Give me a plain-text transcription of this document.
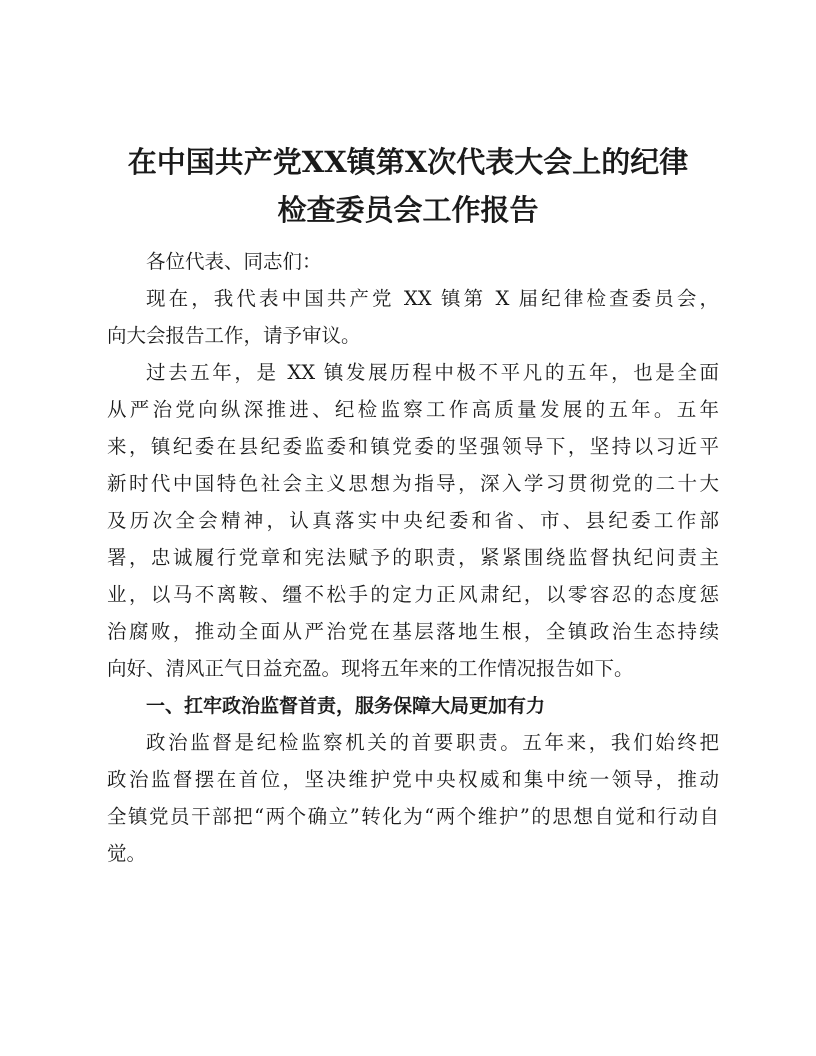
在中国共产党XX镇第X次代表大会上的纪律
检查委员会工作报告

各位代表、同志们：

现在，我代表中国共产党 XX 镇第 X 届纪律检查委员会，

向大会报告工作，请予审议。

过去五年，是 XX 镇发展历程中极不平凡的五年，也是全面

从严治党向纵深推进、纪检监察工作高质量发展的五年。五年

来，镇纪委在县纪委监委和镇党委的坚强领导下，坚持以习近平

新时代中国特色社会主义思想为指导，深入学习贯彻党的二十大

及历次全会精神，认真落实中央纪委和省、市、县纪委工作部

署，忠诚履行党章和宪法赋予的职责，紧紧围绕监督执纪问责主

业，以马不离鞍、缰不松手的定力正风肃纪，以零容忍的态度惩

治腐败，推动全面从严治党在基层落地生根，全镇政治生态持续

向好、清风正气日益充盈。现将五年来的工作情况报告如下。

一、扛牢政治监督首责，服务保障大局更加有力

政治监督是纪检监察机关的首要职责。五年来，我们始终把

政治监督摆在首位，坚决维护党中央权威和集中统一领导，推动

全镇党员干部把“两个确立”转化为“两个维护”的思想自觉和行动自

觉。
